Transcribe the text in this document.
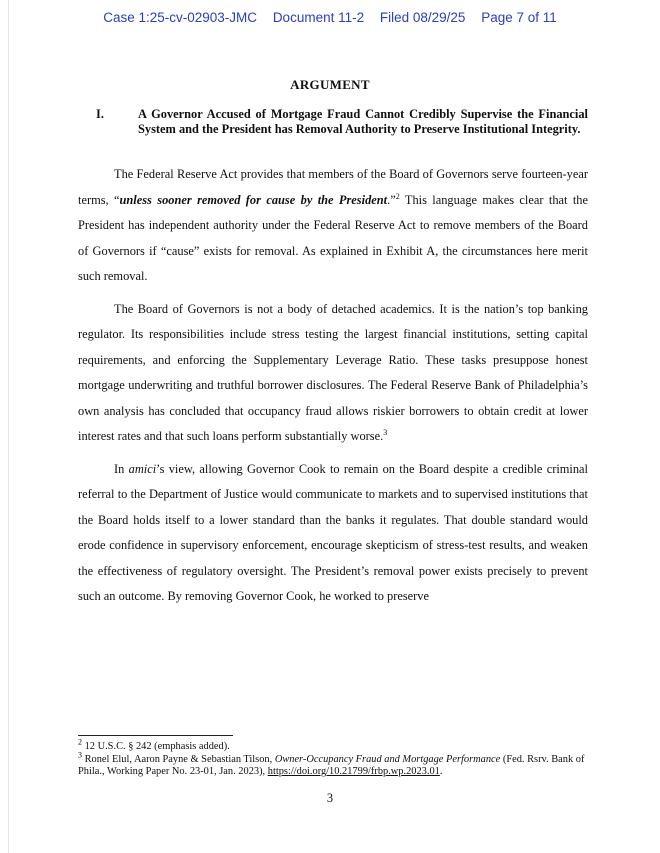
Case 1:25-cv-02903-JMC Document 11-2 Filed 08/29/25 Page 7 of 11
ARGUMENT
I.	A Governor Accused of Mortgage Fraud Cannot Credibly Supervise the Financial System and the President has Removal Authority to Preserve Institutional Integrity.

The Federal Reserve Act provides that members of the Board of Governors serve fourteen-year terms, “unless sooner removed for cause by the President.”$^2$ This language makes clear that the President has independent authority under the Federal Reserve Act to remove members of the Board of Governors if “cause” exists for removal. As explained in Exhibit A, the circumstances here merit such removal.

The Board of Governors is not a body of detached academics. It is the nation’s top banking regulator. Its responsibilities include stress testing the largest financial institutions, setting capital requirements, and enforcing the Supplementary Leverage Ratio. These tasks presuppose honest mortgage underwriting and truthful borrower disclosures. The Federal Reserve Bank of Philadelphia’s own analysis has concluded that occupancy fraud allows riskier borrowers to obtain credit at lower interest rates and that such loans perform substantially worse.$^3$

In amici’s view, allowing Governor Cook to remain on the Board despite a credible criminal referral to the Department of Justice would communicate to markets and to supervised institutions that the Board holds itself to a lower standard than the banks it regulates. That double standard would erode confidence in supervisory enforcement, encourage skepticism of stress-test results, and weaken the effectiveness of regulatory oversight. The President’s removal power exists precisely to prevent such an outcome. By removing Governor Cook, he worked to preserve

$^2$ 12 U.S.C. § 242 (emphasis added).
$^3$ Ronel Elul, Aaron Payne & Sebastian Tilson, Owner-Occupancy Fraud and Mortgage Performance (Fed. Rsrv. Bank of Phila., Working Paper No. 23-01, Jan. 2023), https://doi.org/10.21799/frbp.wp.2023.01.
3
